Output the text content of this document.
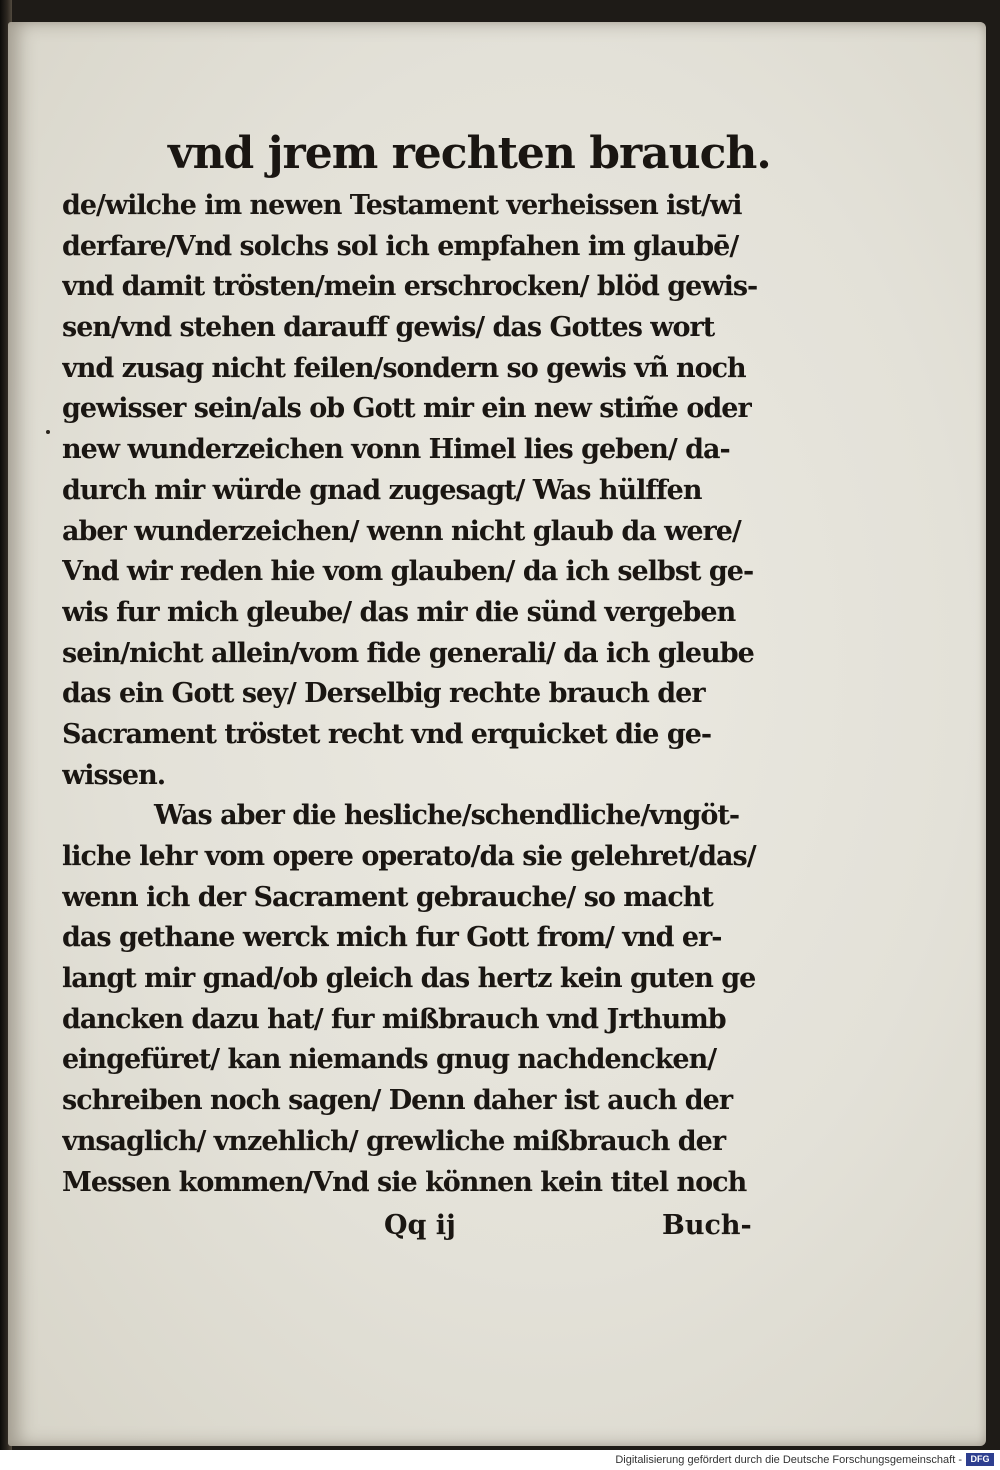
vnd jrem rechten brauch.
de/wilche im newen Testament verheissen ist/wi
derfare/Vnd solchs sol ich empfahen im glaubē/
vnd damit trösten/mein erschrocken/ blöd gewis-
sen/vnd stehen darauff gewis/ das Gottes wort
vnd zusag nicht feilen/sondern so gewis vñ noch
gewisser sein/als ob Gott mir ein new stim̃e oder
new wunderzeichen vonn Himel lies geben/ da-
durch mir würde gnad zugesagt/ Was hülffen
aber wunderzeichen/ wenn nicht glaub da were/
Vnd wir reden hie vom glauben/ da ich selbst ge-
wis fur mich gleube/ das mir die sünd vergeben
sein/nicht allein/vom fide generali/ da ich gleube
das ein Gott sey/ Derselbig rechte brauch der
Sacrament tröstet recht vnd erquicket die ge-
wissen.
Was aber die hesliche/schendliche/vngöt-
liche lehr vom opere operato/da sie gelehret/das/
wenn ich der Sacrament gebrauche/ so macht
das gethane werck mich fur Gott from/ vnd er-
langt mir gnad/ob gleich das hertz kein guten ge
dancken dazu hat/ fur mißbrauch vnd Jrthumb
eingefüret/ kan niemands gnug nachdencken/
schreiben noch sagen/ Denn daher ist auch der
vnsaglich/ vnzehlich/ grewliche mißbrauch der
Messen kommen/Vnd sie können kein titel noch
Qq ij	Buch-
Digitalisierung gefördert durch die Deutsche Forschungsgemeinschaft - DFG
